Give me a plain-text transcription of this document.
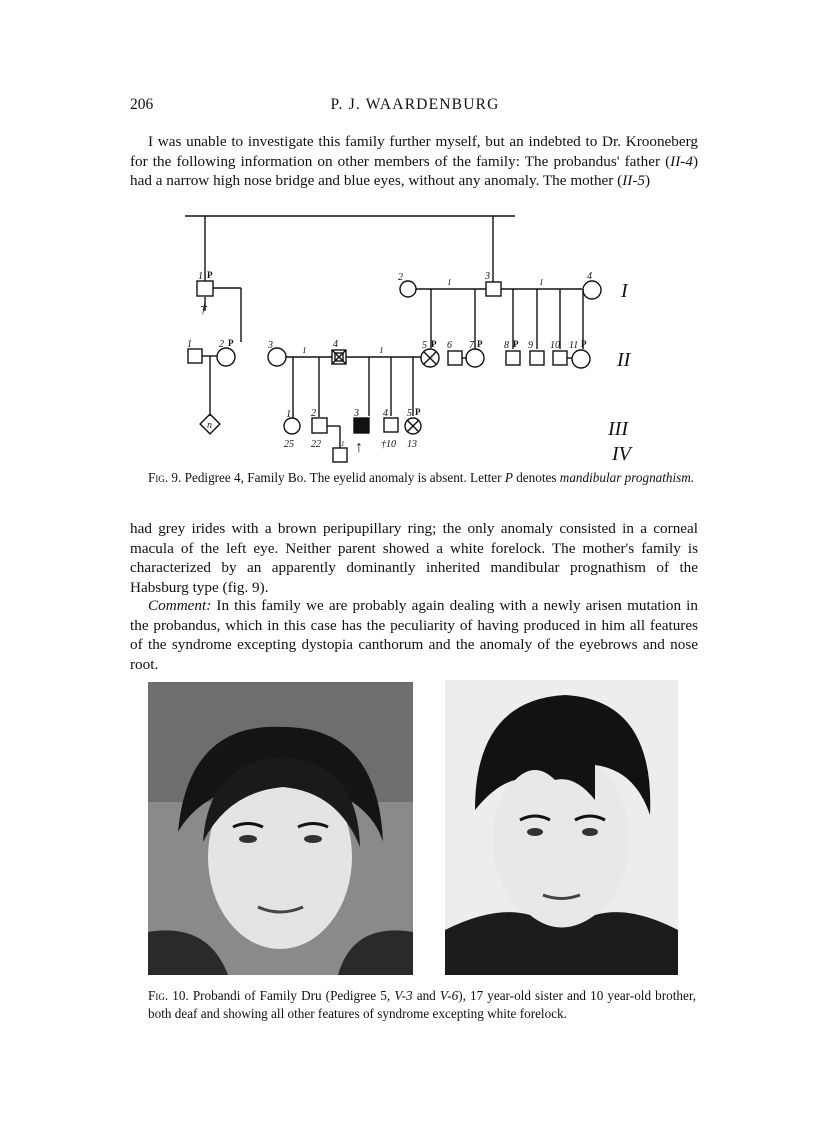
206	P. J. WAARDENBURG
I was unable to investigate this family further myself, but an indebted to Dr. Krooneberg for the following information on other members of the family: The probandus' father (II-4) had a narrow high nose bridge and blue eyes, without any anomaly. The mother (II-5)
†
1 P	2	I
3
I
4
I
1	2 P
n
3	I
4
I	5 P 6 7 P 8 P 9 10 11 P
II
1
25
2
22	1
3
↑
4
†10
5 P
13
III
IV
Fig. 9. Pedigree 4, Family Bo. The eyelid anomaly is absent. Letter P denotes mandibular prognathism.
had grey irides with a brown peripupillary ring; the only anomaly consisted in a corneal macula of the left eye. Neither parent showed a white forelock. The mother's family is characterized by an apparently dominantly inherited mandibular prognathism of the Habsburg type (fig. 9).
Comment: In this family we are probably again dealing with a newly arisen mutation in the probandus, which in this case has the peculiarity of having produced in him all features of the syndrome excepting dystopia canthorum and the anomaly of the eyebrows and nose root.
Fig. 10. Probandi of Family Dru (Pedigree 5, V-3 and V-6), 17 year-old sister and 10 year-old brother, both deaf and showing all other features of syndrome excepting white forelock.
